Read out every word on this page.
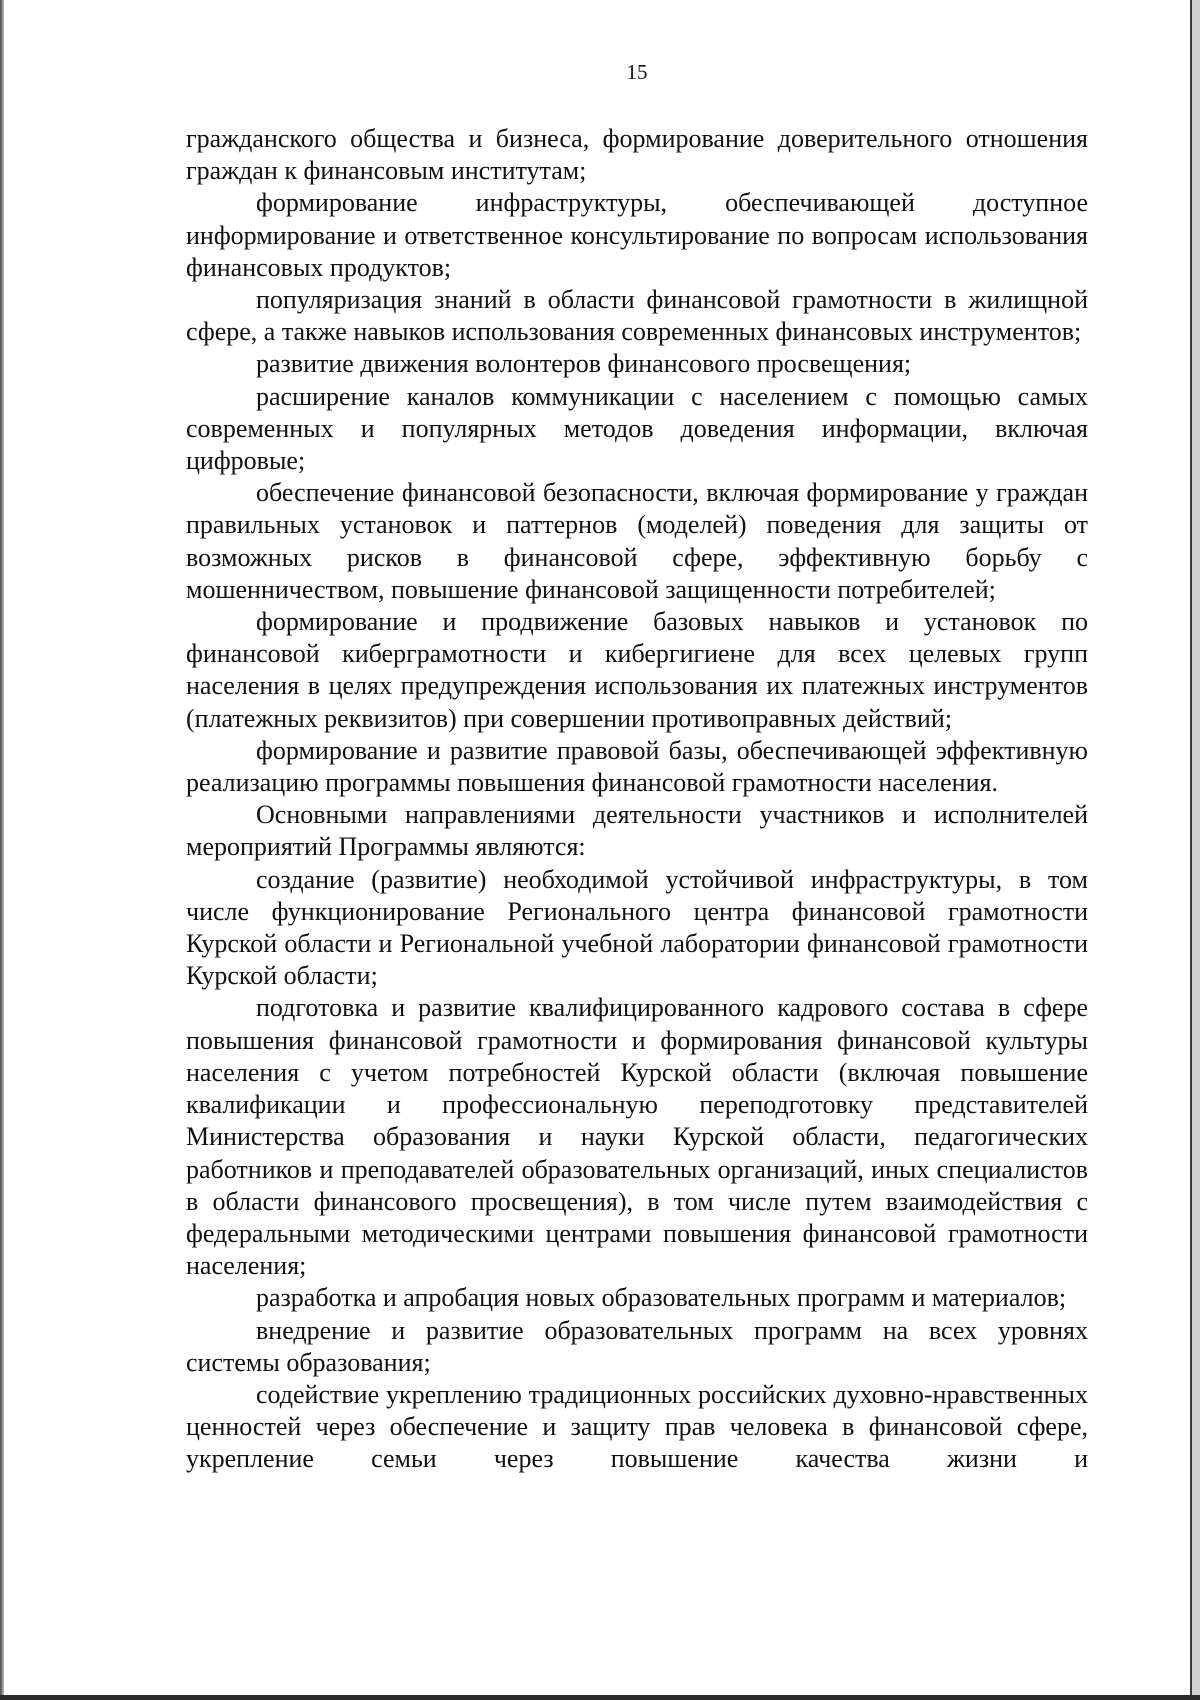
15

гражданского общества и бизнеса, формирование доверительного отношения граждан к финансовым институтам;

формирование инфраструктуры, обеспечивающей доступное информирование и ответственное консультирование по вопросам использования финансовых продуктов;

популяризация знаний в области финансовой грамотности в жилищной сфере, а также навыков использования современных финансовых инструментов;

развитие движения волонтеров финансового просвещения;

расширение каналов коммуникации с населением с помощью самых современных и популярных методов доведения информации, включая цифровые;

обеспечение финансовой безопасности, включая формирование у граждан правильных установок и паттернов (моделей) поведения для защиты от возможных рисков в финансовой сфере, эффективную борьбу с мошенничеством, повышение финансовой защищенности потребителей;

формирование и продвижение базовых навыков и установок по финансовой киберграмотности и кибергигиене для всех целевых групп населения в целях предупреждения использования их платежных инструментов (платежных реквизитов) при совершении противоправных действий;

формирование и развитие правовой базы, обеспечивающей эффективную реализацию программы повышения финансовой грамотности населения.

Основными направлениями деятельности участников и исполнителей мероприятий Программы являются:

создание (развитие) необходимой устойчивой инфраструктуры, в том числе функционирование Регионального центра финансовой грамотности Курской области и Региональной учебной лаборатории финансовой грамотности Курской области;

подготовка и развитие квалифицированного кадрового состава в сфере повышения финансовой грамотности и формирования финансовой культуры населения с учетом потребностей Курской области (включая повышение квалификации и профессиональную переподготовку представителей Министерства образования и науки Курской области, педагогических работников и преподавателей образовательных организаций, иных специалистов в области финансового просвещения), в том числе путем взаимодействия с федеральными методическими центрами повышения финансовой грамотности населения;

разработка и апробация новых образовательных программ и материалов;

внедрение и развитие образовательных программ на всех уровнях системы образования;

содействие укреплению традиционных российских духовно-нравственных ценностей через обеспечение и защиту прав человека в финансовой сфере, укрепление семьи через повышение качества жизни и
